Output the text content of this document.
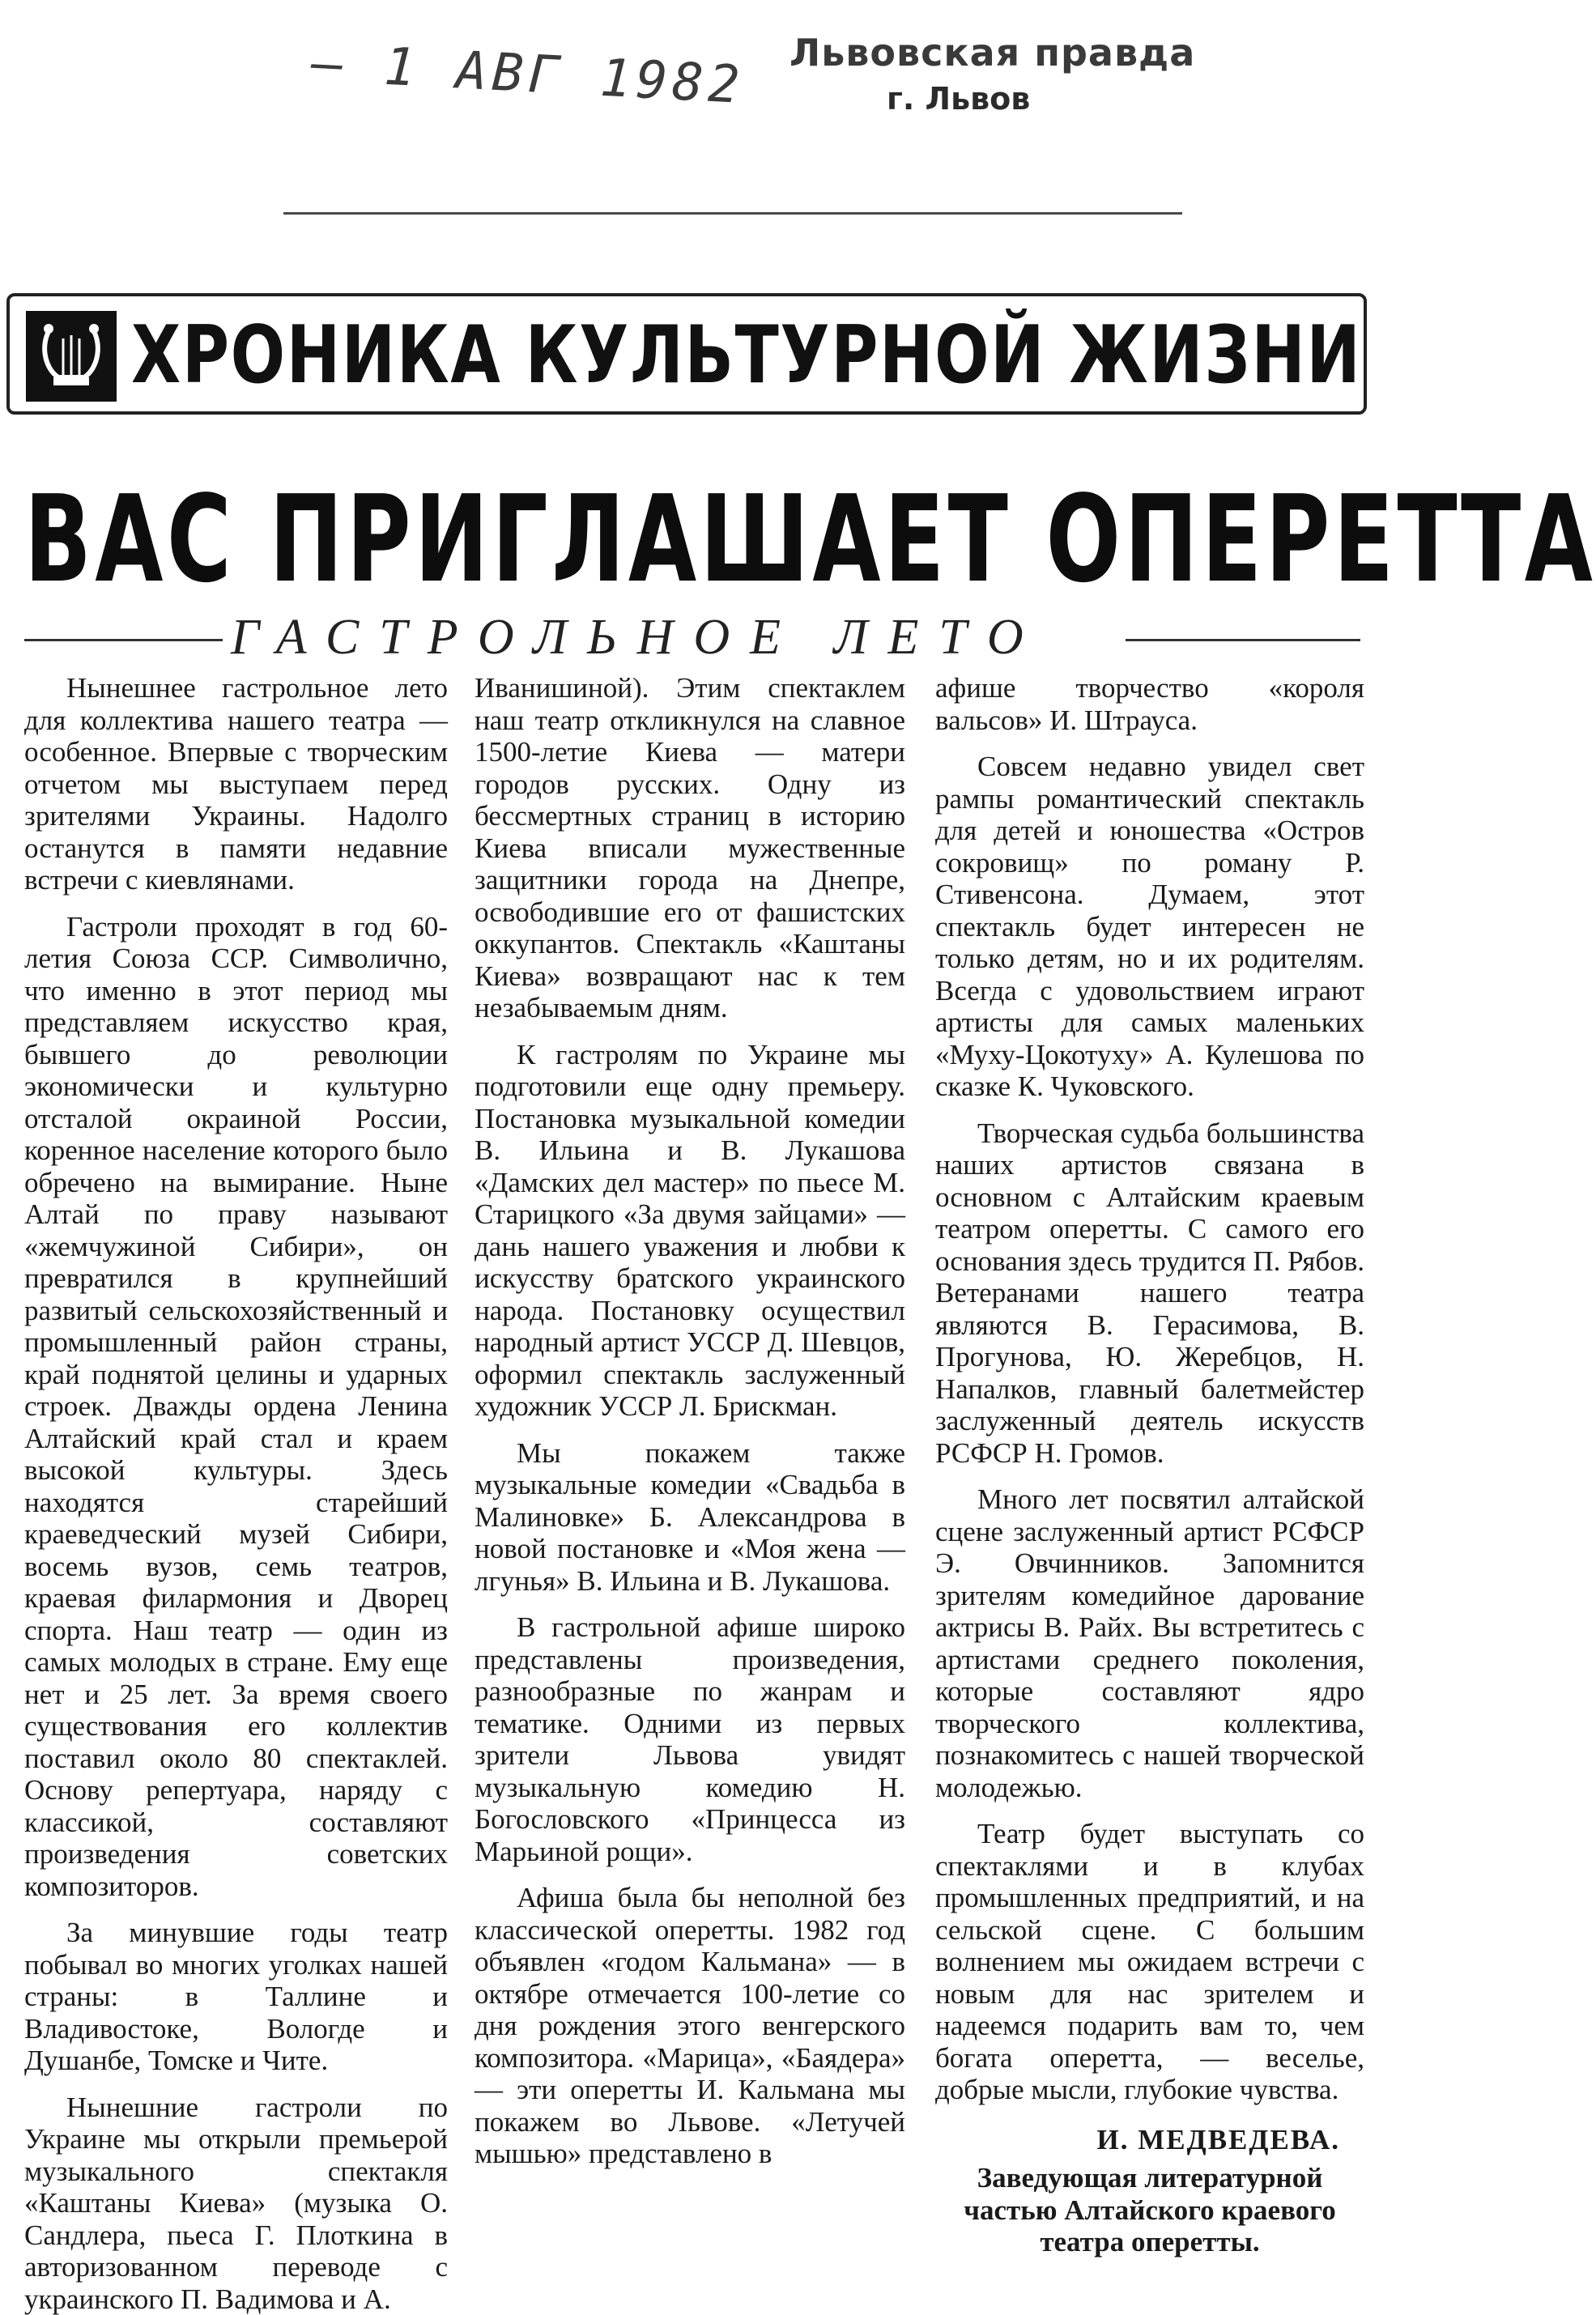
— 1 АВГ 1982 Львовская правда
г. Львов
ХРОНИКА КУЛЬТУРНОЙ ЖИЗНИ
ВАС ПРИГЛАШАЕТ ОПЕРЕТТА
ГАСТРОЛЬНОЕ ЛЕТО

Нынешнее гастрольное лето для коллектива нашего театра — особенное. Впервые с творческим отчетом мы выступаем перед зрителями Украины. Надолго останутся в памяти недавние встречи с киевлянами.

Гастроли проходят в год 60-летия Союза ССР. Символично, что именно в этот период мы представляем искусство края, бывшего до революции экономически и культурно отсталой окраиной России, коренное население которого было обречено на вымирание. Ныне Алтай по праву называют «жемчужиной Сибири», он превратился в крупнейший развитый сельскохозяйственный и промышленный район страны, край поднятой целины и ударных строек. Дважды ордена Ленина Алтайский край стал и краем высокой культуры. Здесь находятся старейший краеведческий музей Сибири, восемь вузов, семь театров, краевая филармония и Дворец спорта. Наш театр — один из самых молодых в стране. Ему еще нет и 25 лет. За время своего существования его коллектив поставил около 80 спектаклей. Основу репертуара, наряду с классикой, составляют произведения советских композиторов.

За минувшие годы театр побывал во многих уголках нашей страны: в Таллине и Владивостоке, Вологде и Душанбе, Томске и Чите.

Нынешние гастроли по Украине мы открыли премьерой музыкального спектакля «Каштаны Киева» (музыка О. Сандлера, пьеса Г. Плоткина в авторизованном переводе с украинского П. Вадимова и А.

Иванишиной). Этим спектаклем наш театр откликнулся на славное 1500-летие Киева — матери городов русских. Одну из бессмертных страниц в историю Киева вписали мужественные защитники города на Днепре, освободившие его от фашистских оккупантов. Спектакль «Каштаны Киева» возвращают нас к тем незабываемым дням.

К гастролям по Украине мы подготовили еще одну премьеру. Постановка музыкальной комедии В. Ильина и В. Лукашова «Дамских дел мастер» по пьесе М. Старицкого «За двумя зайцами» — дань нашего уважения и любви к искусству братского украинского народа. Постановку осуществил народный артист УССР Д. Шевцов, оформил спектакль заслуженный художник УССР Л. Брискман.

Мы покажем также музыкальные комедии «Свадьба в Малиновке» Б. Александрова в новой постановке и «Моя жена — лгунья» В. Ильина и В. Лукашова.

В гастрольной афише широко представлены произведения, разнообразные по жанрам и тематике. Одними из первых зрители Львова увидят музыкальную комедию Н. Богословского «Принцесса из Марьиной рощи».

Афиша была бы неполной без классической оперетты. 1982 год объявлен «годом Кальмана» — в октябре отмечается 100-летие со дня рождения этого венгерского композитора. «Марица», «Баядера» — эти оперетты И. Кальмана мы покажем во Львове. «Летучей мышью» представлено в

афише творчество «короля вальсов» И. Штрауса.

Совсем недавно увидел свет рампы романтический спектакль для детей и юношества «Остров сокровищ» по роману Р. Стивенсона. Думаем, этот спектакль будет интересен не только детям, но и их родителям. Всегда с удовольствием играют артисты для самых маленьких «Муху-Цокотуху» А. Кулешова по сказке К. Чуковского.

Творческая судьба большинства наших артистов связана в основном с Алтайским краевым театром оперетты. С самого его основания здесь трудится П. Рябов. Ветеранами нашего театра являются В. Герасимова, В. Прогунова, Ю. Жеребцов, Н. Напалков, главный балетмейстер заслуженный деятель искусств РСФСР Н. Громов.

Много лет посвятил алтайской сцене заслуженный артист РСФСР Э. Овчинников. Запомнится зрителям комедийное дарование актрисы В. Райх. Вы встретитесь с артистами среднего поколения, которые составляют ядро творческого коллектива, познакомитесь с нашей творческой молодежью.

Театр будет выступать со спектаклями и в клубах промышленных предприятий, и на сельской сцене. С большим волнением мы ожидаем встречи с новым для нас зрителем и надеемся подарить вам то, чем богата оперетта, — веселье, добрые мысли, глубокие чувства.

И. МЕДВЕДЕВА.

Заведующая литературной частью Алтайского краевого театра оперетты.
